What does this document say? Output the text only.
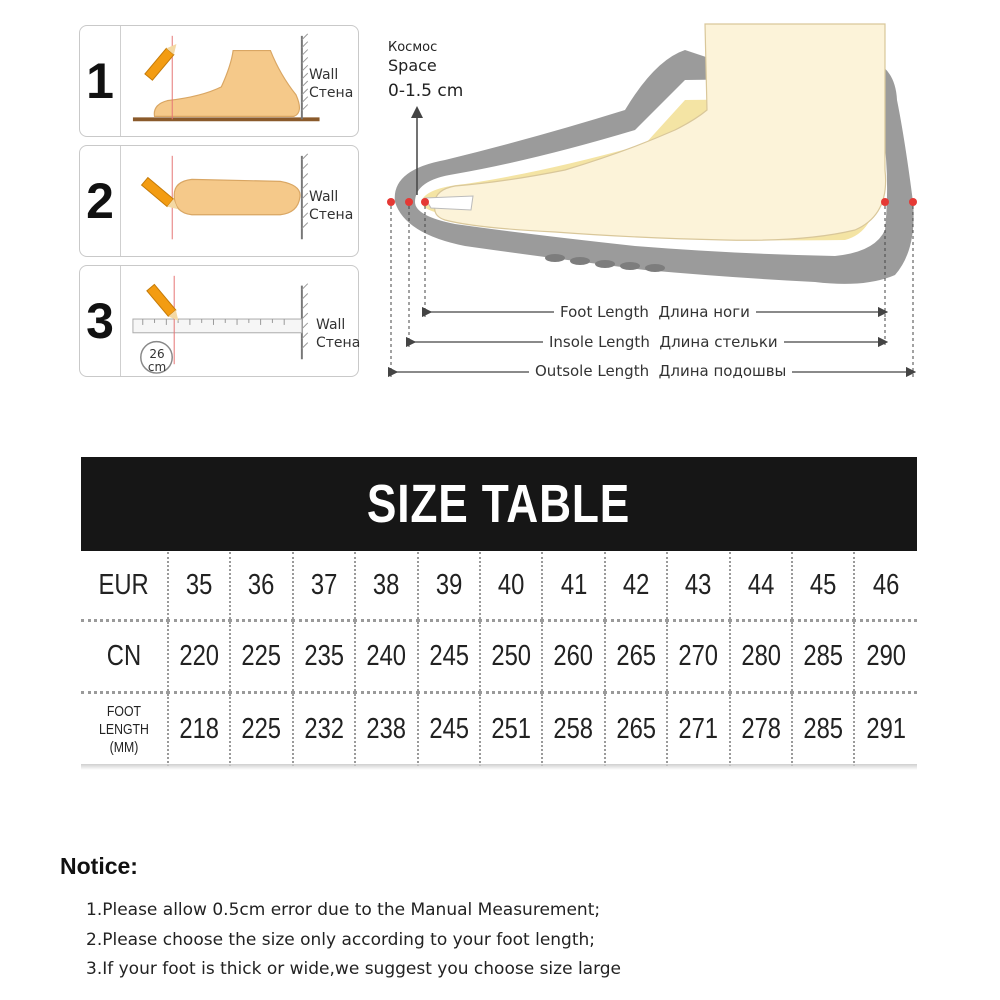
1	Wall
Стена
2	Wall
Стена
3
26
cm
Wall
Стена
Космос
Space
0-1.5 cm
Foot Length Длина ноги
Insole Length Длина стельки
Outsole Length Длина подошвы
SIZE TABLE
EUR	35	36	37	38	39	40	41	42	43	44	45	46
CN	220	225	235	240	245	250	260	265	270	280	285	290

FOOT LENGTH
(MM)	218	225	232	238	245	251	258	265	271	278	285	291
Notice:
1.Please allow 0.5cm error due to the Manual Measurement;
2.Please choose the size only according to your foot length;
3.If your foot is thick or wide,we suggest you choose size large
